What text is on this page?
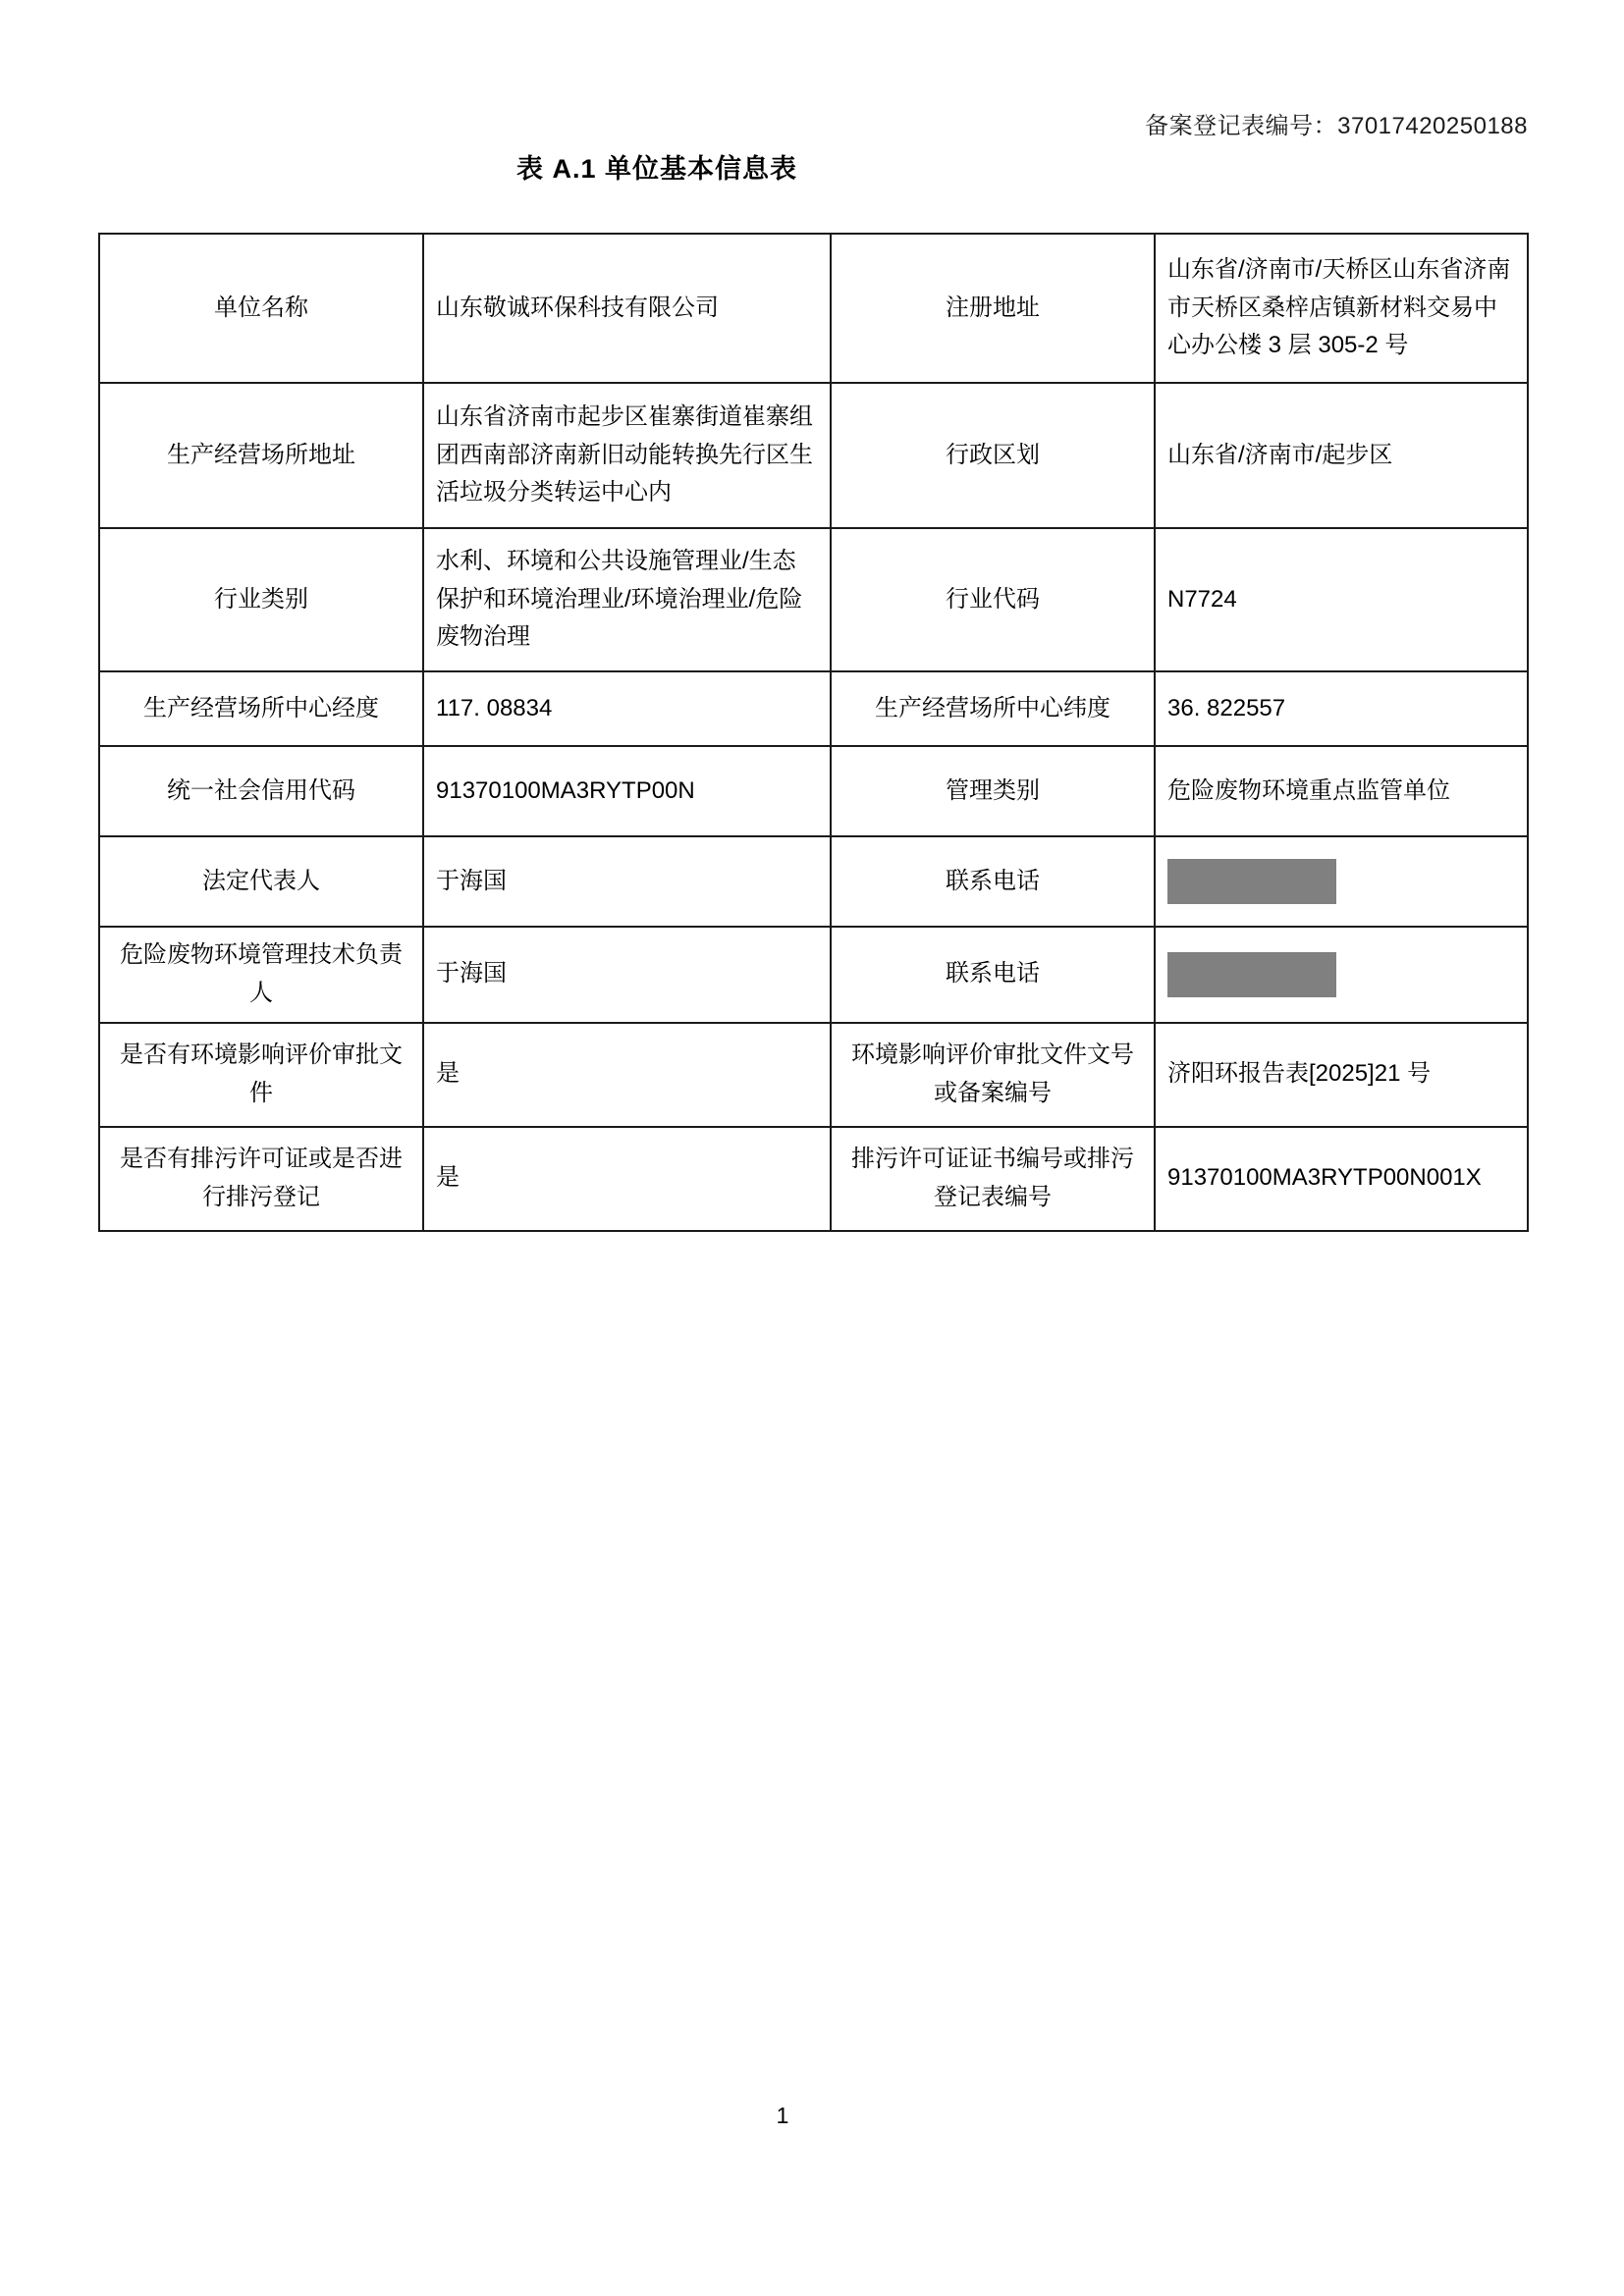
备案登记表编号：37017420250188
表 A.1 单位基本信息表
单位名称	山东敬诚环保科技有限公司	注册地址	山东省/济南市/天桥区山东省济南市天桥区桑梓店镇新材料交易中心办公楼 3 层 305-2 号
生产经营场所地址	山东省济南市起步区崔寨街道崔寨组团西南部济南新旧动能转换先行区生活垃圾分类转运中心内	行政区划	山东省/济南市/起步区
行业类别	水利、环境和公共设施管理业/生态保护和环境治理业/环境治理业/危险废物治理	行业代码	N7724
生产经营场所中心经度	117. 08834	生产经营场所中心纬度	36. 822557
统一社会信用代码	91370100MA3RYTP00N	管理类别	危险废物环境重点监管单位
法定代表人	于海国	联系电话	

危险废物环境管理技术负责人	于海国	联系电话	

是否有环境影响评价审批文件	是	环境影响评价审批文件文号或备案编号	济阳环报告表[2025]21 号
是否有排污许可证或是否进行排污登记	是	排污许可证证书编号或排污登记表编号	91370100MA3RYTP00N001X
1
